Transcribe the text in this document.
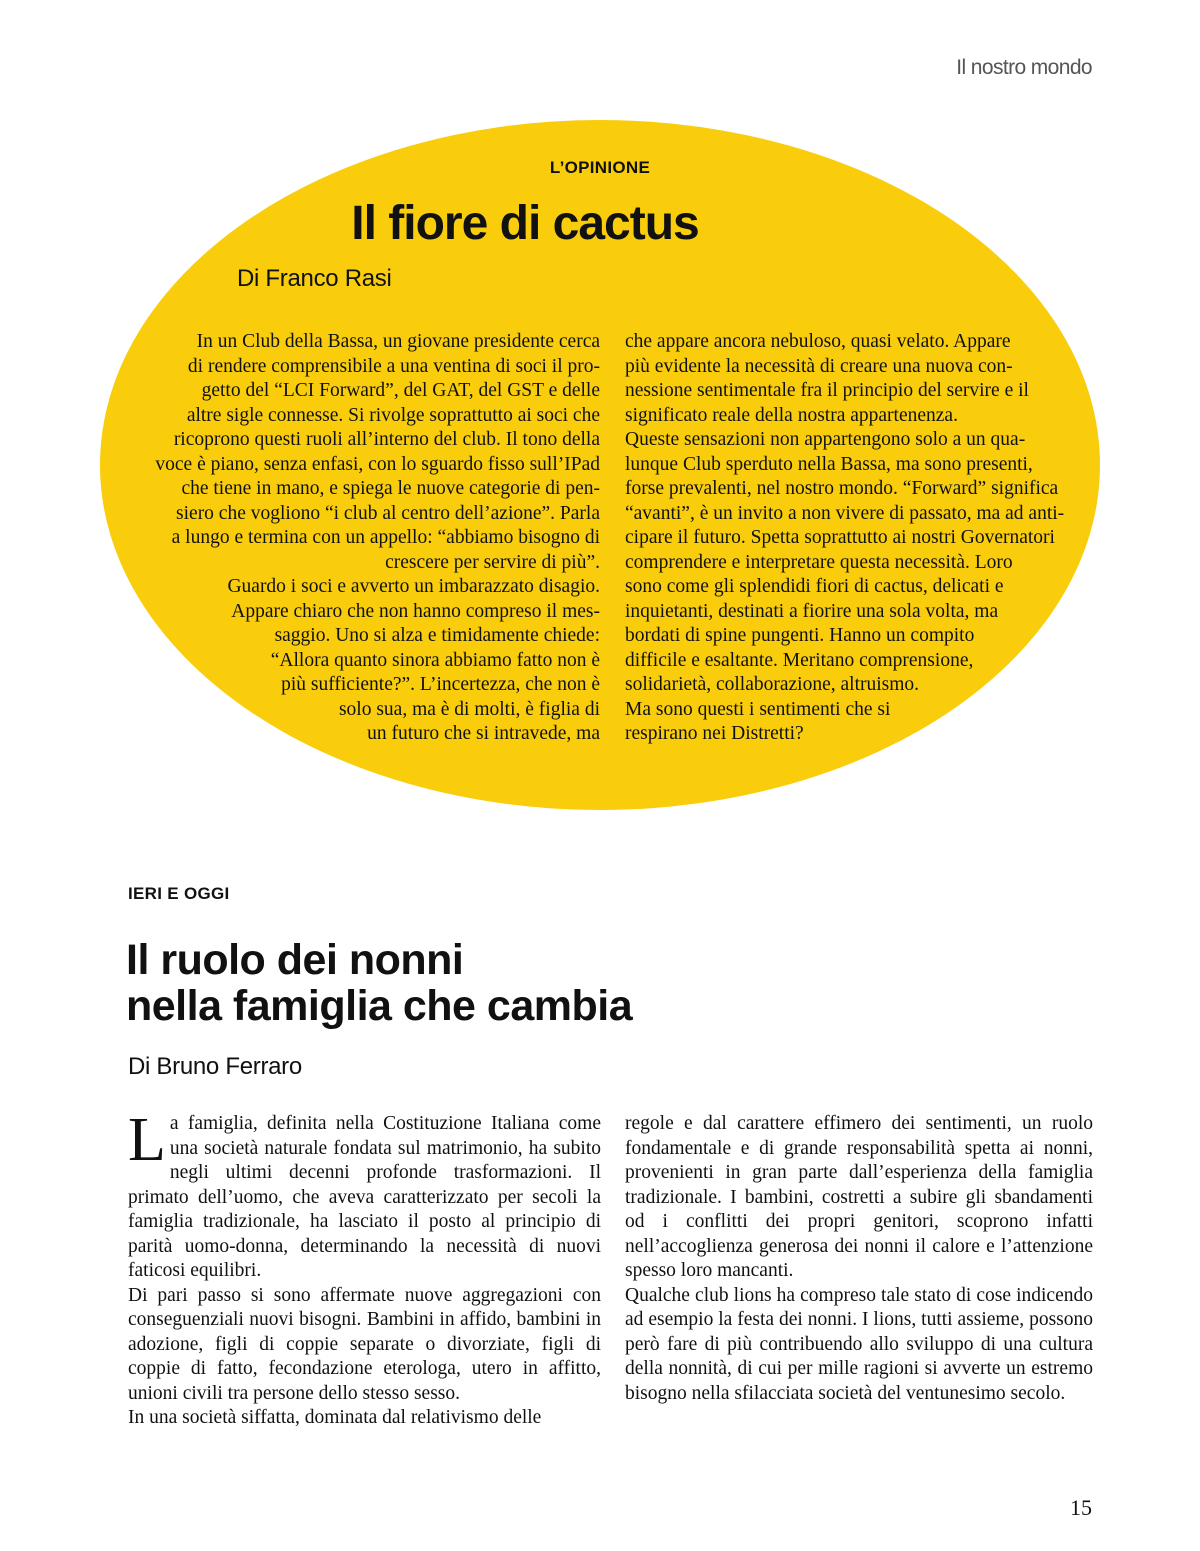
Il nostro mondo
L’OPINIONE
Il fiore di cactus
Di Franco Rasi
In un Club della Bassa, un giovane presidente cerca
di rendere comprensibile a una ventina di soci il pro-
getto del “LCI Forward”, del GAT, del GST e delle
altre sigle connesse. Si rivolge soprattutto ai soci che
ricoprono questi ruoli all’interno del club. Il tono della
voce è piano, senza enfasi, con lo sguardo fisso sull’IPad
che tiene in mano, e spiega le nuove categorie di pen-
siero che vogliono “i club al centro dell’azione”. Parla
a lungo e termina con un appello: “abbiamo bisogno di
crescere per servire di più”.
Guardo i soci e avverto un imbarazzato disagio.
Appare chiaro che non hanno compreso il mes-
saggio. Uno si alza e timidamente chiede:
“Allora quanto sinora abbiamo fatto non è
più sufficiente?”. L’incertezza, che non è
solo sua, ma è di molti, è figlia di
un futuro che si intravede, ma
che appare ancora nebuloso, quasi velato. Appare
più evidente la necessità di creare una nuova con-
nessione sentimentale fra il principio del servire e il
significato reale della nostra appartenenza.
Queste sensazioni non appartengono solo a un qua-
lunque Club sperduto nella Bassa, ma sono presenti,
forse prevalenti, nel nostro mondo. “Forward” significa
“avanti”, è un invito a non vivere di passato, ma ad anti-
cipare il futuro. Spetta soprattutto ai nostri Governatori
comprendere e interpretare questa necessità. Loro
sono come gli splendidi fiori di cactus, delicati e
inquietanti, destinati a fiorire una sola volta, ma
bordati di spine pungenti. Hanno un compito
difficile e esaltante. Meritano comprensione,
solidarietà, collaborazione, altruismo.
Ma sono questi i sentimenti che si
respirano nei Distretti?
IERI E OGGI
Il ruolo dei nonni
nella famiglia che cambia
Di Bruno Ferraro

La famiglia, definita nella Costituzione Italiana come una società naturale fondata sul matrimonio, ha subito negli ultimi decenni profonde trasformazioni. Il primato dell’uomo, che aveva caratterizzato per secoli la famiglia tradizionale, ha lasciato il posto al principio di parità uomo-donna, determinando la necessità di nuovi faticosi equilibri.

Di pari passo si sono affermate nuove aggregazioni con conseguenziali nuovi bisogni. Bambini in affido, bambini in adozione, figli di coppie separate o divorziate, figli di coppie di fatto, fecondazione eterologa, utero in affitto, unioni civili tra persone dello stesso sesso.

In una società siffatta, dominata dal relativismo delle

regole e dal carattere effimero dei sentimenti, un ruolo fondamentale e di grande responsabilità spetta ai nonni, provenienti in gran parte dall’esperienza della famiglia tradizionale. I bambini, costretti a subire gli sbandamenti od i conflitti dei propri genitori, scoprono infatti nell’accoglienza generosa dei nonni il calore e l’attenzione spesso loro mancanti.

Qualche club lions ha compreso tale stato di cose indicendo ad esempio la festa dei nonni. I lions, tutti assieme, possono però fare di più contribuendo allo sviluppo di una cultura della nonnità, di cui per mille ragioni si avverte un estremo bisogno nella sfilacciata società del ventunesimo secolo.

15
